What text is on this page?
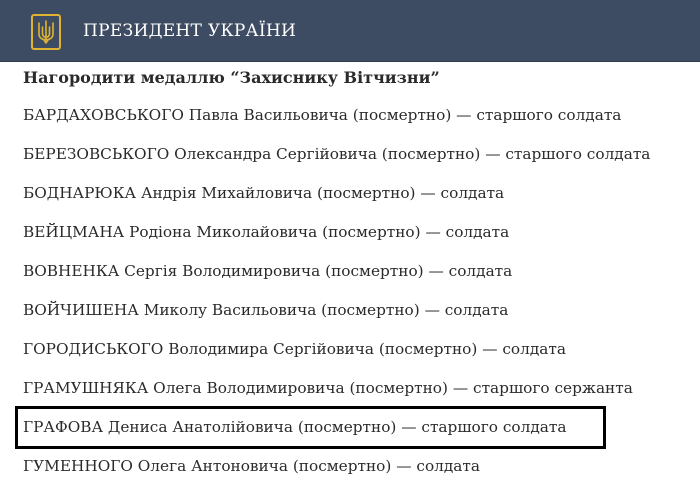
ПРЕЗИДЕНТ УКРАЇНИ
Нагородити медаллю “Захиснику Вітчизни”
БАРДАХОВСЬКОГО Павла Васильовича (посмертно) — старшого солдата
БЕРЕЗОВСЬКОГО Олександра Сергійовича (посмертно) — старшого солдата
БОДНАРЮКА Андрія Михайловича (посмертно) — солдата
ВЕЙЦМАНА Родіона Миколайовича (посмертно) — солдата
ВОВНЕНКА Сергія Володимировича (посмертно) — солдата
ВОЙЧИШЕНА Миколу Васильовича (посмертно) — солдата
ГОРОДИСЬКОГО Володимира Сергійовича (посмертно) — солдата
ГРАМУШНЯКА Олега Володимировича (посмертно) — старшого сержанта
ГРАФОВА Дениса Анатолійовича (посмертно) — старшого солдата
ГУМЕННОГО Олега Антоновича (посмертно) — солдата
